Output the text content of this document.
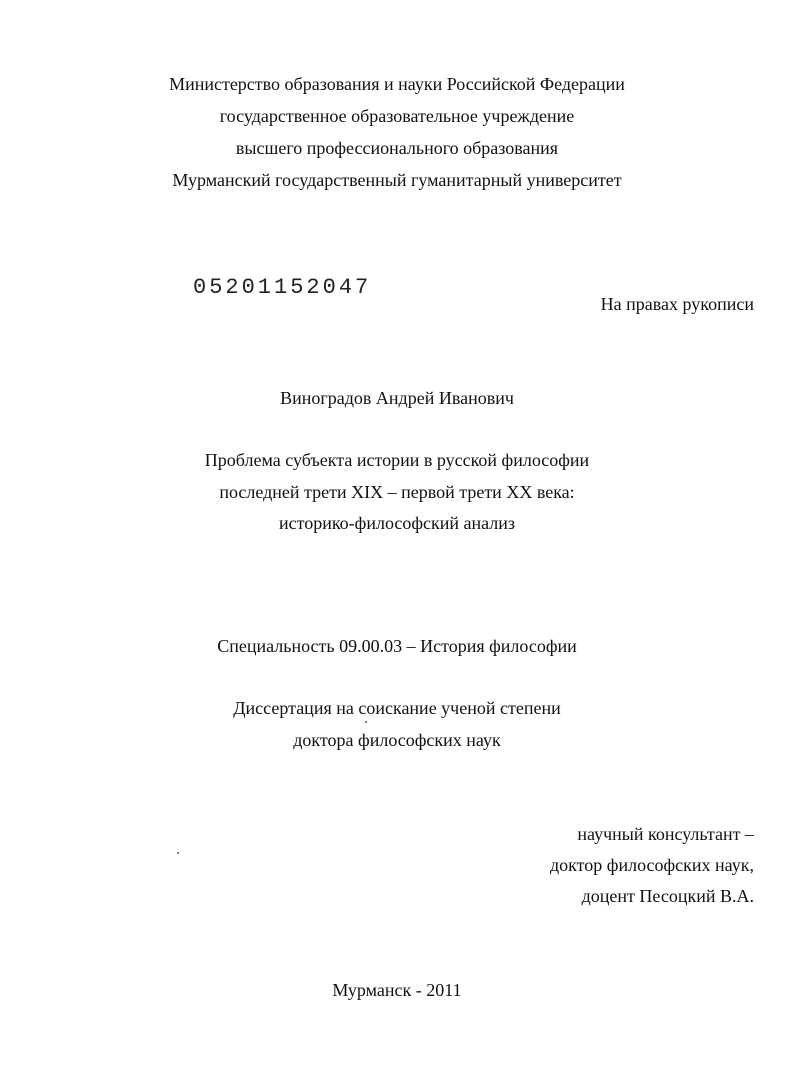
Министерство образования и науки Российской Федерации
государственное образовательное учреждение
высшего профессионального образования
Мурманский государственный гуманитарный университет
05201152047
На правах рукописи
Виноградов Андрей Иванович
Проблема субъекта истории в русской философии
последней трети XIX – первой трети XX века:
историко-философский анализ
Специальность 09.00.03 – История философии
Диссертация на соискание ученой степени
доктора философских наук
научный консультант –
доктор философских наук,
доцент Песоцкий В.А.
Мурманск - 2011
